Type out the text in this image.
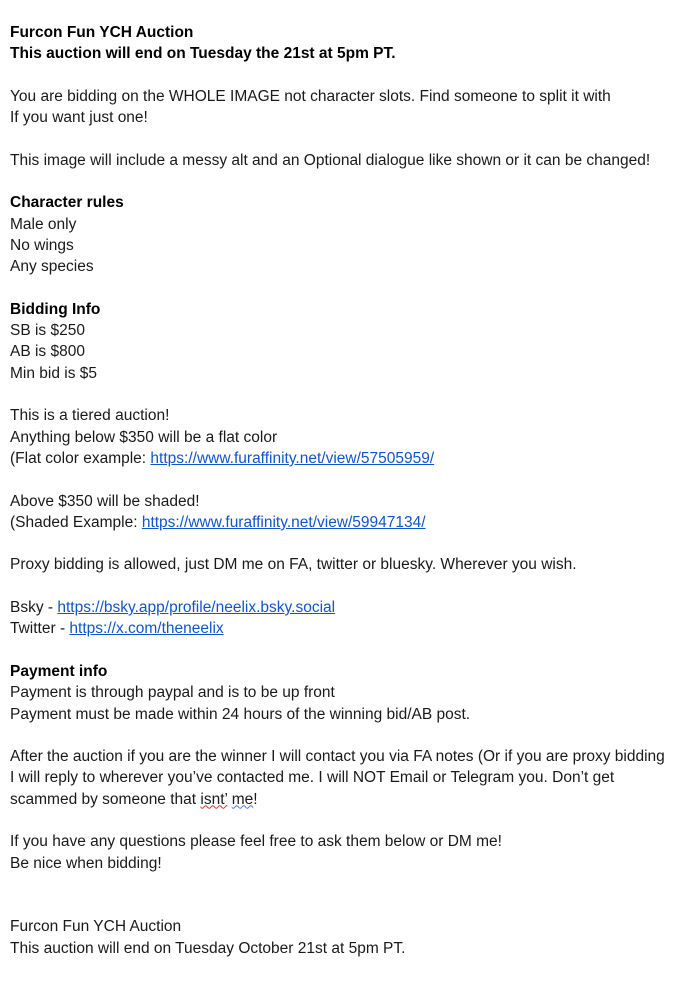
Furcon Fun YCH Auction
This auction will end on Tuesday the 21st at 5pm PT.
You are bidding on the WHOLE IMAGE not character slots. Find someone to split it with
If you want just one!
This image will include a messy alt and an Optional dialogue like shown or it can be changed!
Character rules
Male only
No wings
Any species
Bidding Info
SB is $250
AB is $800
Min bid is $5
This is a tiered auction!
Anything below $350 will be a flat color
(Flat color example: https://www.furaffinity.net/view/57505959/
Above $350 will be shaded!
(Shaded Example: https://www.furaffinity.net/view/59947134/
Proxy bidding is allowed, just DM me on FA, twitter or bluesky. Wherever you wish.
Bsky - https://bsky.app/profile/neelix.bsky.social
Twitter - https://x.com/theneelix
Payment info
Payment is through paypal and is to be up front
Payment must be made within 24 hours of the winning bid/AB post.
After the auction if you are the winner I will contact you via FA notes (Or if you are proxy bidding
I will reply to wherever you’ve contacted me. I will NOT Email or Telegram you. Don’t get
scammed by someone that isnt’ me!
If you have any questions please feel free to ask them below or DM me!
Be nice when bidding!
Furcon Fun YCH Auction
This auction will end on Tuesday October 21st at 5pm PT.
